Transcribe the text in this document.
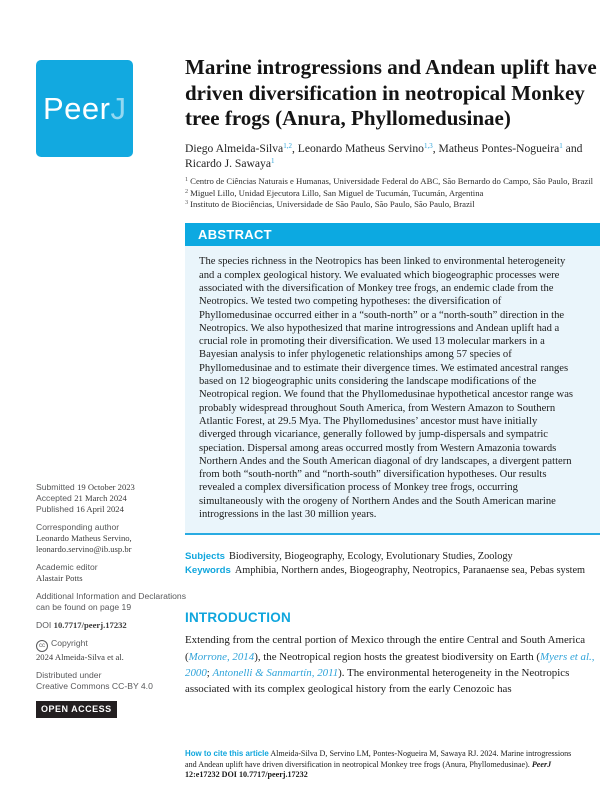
Peer J
Submitted 19 October 2023
Accepted 21 March 2024
Published 16 April 2024
Corresponding author
Leonardo Matheus Servino,
leonardo.servino@ib.usp.br
Academic editor
Alastair Potts
Additional Information and Declarations can be found on page 19
DOI 10.7717/peerj.17232
cc Copyright
2024 Almeida-Silva et al.
Distributed under
Creative Commons CC-BY 4.0
OPEN ACCESS
Marine introgressions and Andean uplift have driven diversification in neotropical Monkey tree frogs (Anura, Phyllomedusinae)
Diego Almeida-Silva$^{1,2}$, Leonardo Matheus Servino$^{1,3}$, Matheus Pontes-Nogueira$^1$ and Ricardo J. Sawaya$^1$
$^1$ Centro de Ciências Naturais e Humanas, Universidade Federal do ABC, São Bernardo do Campo, São Paulo, Brazil
$^2$ Miguel Lillo, Unidad Ejecutora Lillo, San Miguel de Tucumán, Tucumán, Argentina
$^3$ Instituto de Biociências, Universidade de São Paulo, São Paulo, São Paulo, Brazil
ABSTRACT
The species richness in the Neotropics has been linked to environmental heterogeneity and a complex geological history. We evaluated which biogeographic processes were associated with the diversification of Monkey tree frogs, an endemic clade from the Neotropics. We tested two competing hypotheses: the diversification of Phyllomedusinae occurred either in a “south-north” or a “north-south” direction in the Neotropics. We also hypothesized that marine introgressions and Andean uplift had a crucial role in promoting their diversification. We used 13 molecular markers in a Bayesian analysis to infer phylogenetic relationships among 57 species of Phyllomedusinae and to estimate their divergence times. We estimated ancestral ranges based on 12 biogeographic units considering the landscape modifications of the Neotropical region. We found that the Phyllomedusinae hypothetical ancestor range was probably widespread throughout South America, from Western Amazon to Southern Atlantic Forest, at 29.5 Mya. The Phyllomedusines’ ancestor must have initially diverged through vicariance, generally followed by jump-dispersals and sympatric speciation. Dispersal among areas occurred mostly from Western Amazonia towards Northern Andes and the South American diagonal of dry landscapes, a divergent pattern from both “south-north” and “north-south” diversification hypotheses. Our results revealed a complex diversification process of Monkey tree frogs, occurring simultaneously with the orogeny of Northern Andes and the South American marine introgressions in the last 30 million years.
Subjects Biodiversity, Biogeography, Ecology, Evolutionary Studies, Zoology
Keywords Amphibia, Northern andes, Biogeography, Neotropics, Paranaense sea, Pebas system
INTRODUCTION
Extending from the central portion of Mexico through the entire Central and South America (Morrone, 2014), the Neotropical region hosts the greatest biodiversity on Earth (Myers et al., 2000; Antonelli & Sanmartín, 2011). The environmental heterogeneity in the Neotropics associated with its complex geological history from the early Cenozoic has
How to cite this article Almeida-Silva D, Servino LM, Pontes-Nogueira M, Sawaya RJ. 2024. Marine introgressions and Andean uplift have driven diversification in neotropical Monkey tree frogs (Anura, Phyllomedusinae). PeerJ 12:e17232 DOI 10.7717/peerj.17232
